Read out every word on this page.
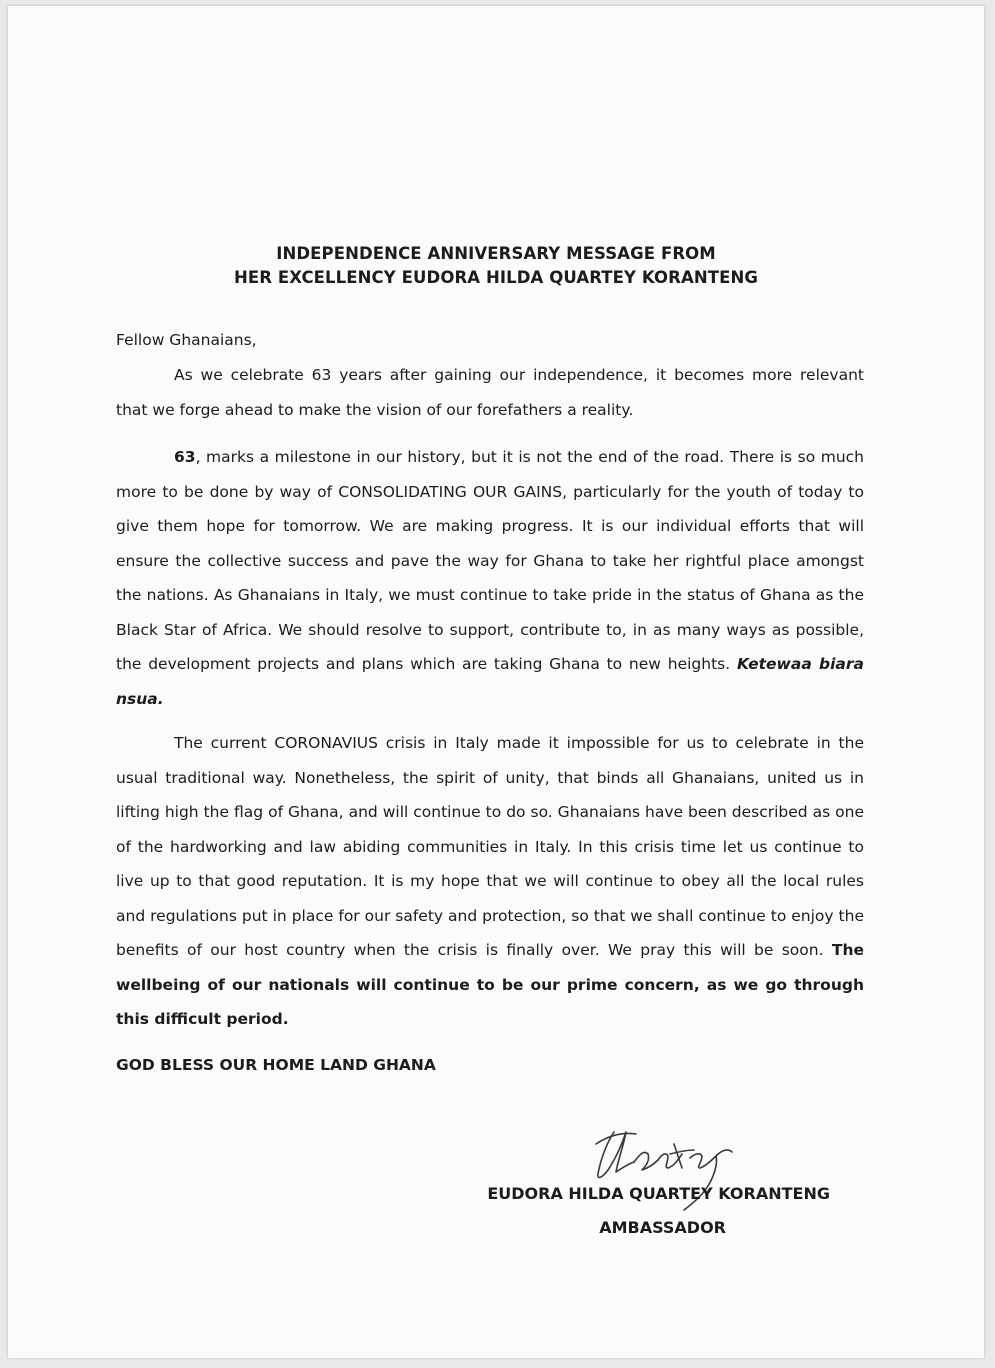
INDEPENDENCE ANNIVERSARY MESSAGE FROM
HER EXCELLENCY EUDORA HILDA QUARTEY KORANTENG
Fellow Ghanaians,

As we celebrate 63 years after gaining our independence, it becomes more relevant that we forge ahead to make the vision of our forefathers a reality.

63, marks a milestone in our history, but it is not the end of the road. There is so much more to be done by way of CONSOLIDATING OUR GAINS, particularly for the youth of today to give them hope for tomorrow. We are making progress. It is our individual efforts that will ensure the collective success and pave the way for Ghana to take her rightful place amongst the nations. As Ghanaians in Italy, we must continue to take pride in the status of Ghana as the Black Star of Africa. We should resolve to support, contribute to, in as many ways as possible, the development projects and plans which are taking Ghana to new heights. Ketewaa biara nsua.

The current CORONAVIUS crisis in Italy made it impossible for us to celebrate in the usual traditional way. Nonetheless, the spirit of unity, that binds all Ghanaians, united us in lifting high the flag of Ghana, and will continue to do so. Ghanaians have been described as one of the hardworking and law abiding communities in Italy. In this crisis time let us continue to live up to that good reputation. It is my hope that we will continue to obey all the local rules and regulations put in place for our safety and protection, so that we shall continue to enjoy the benefits of our host country when the crisis is finally over. We pray this will be soon. The wellbeing of our nationals will continue to be our prime concern, as we go through this difficult period.

GOD BLESS OUR HOME LAND GHANA
EUDORA HILDA QUARTEY KORANTENG
AMBASSADOR
